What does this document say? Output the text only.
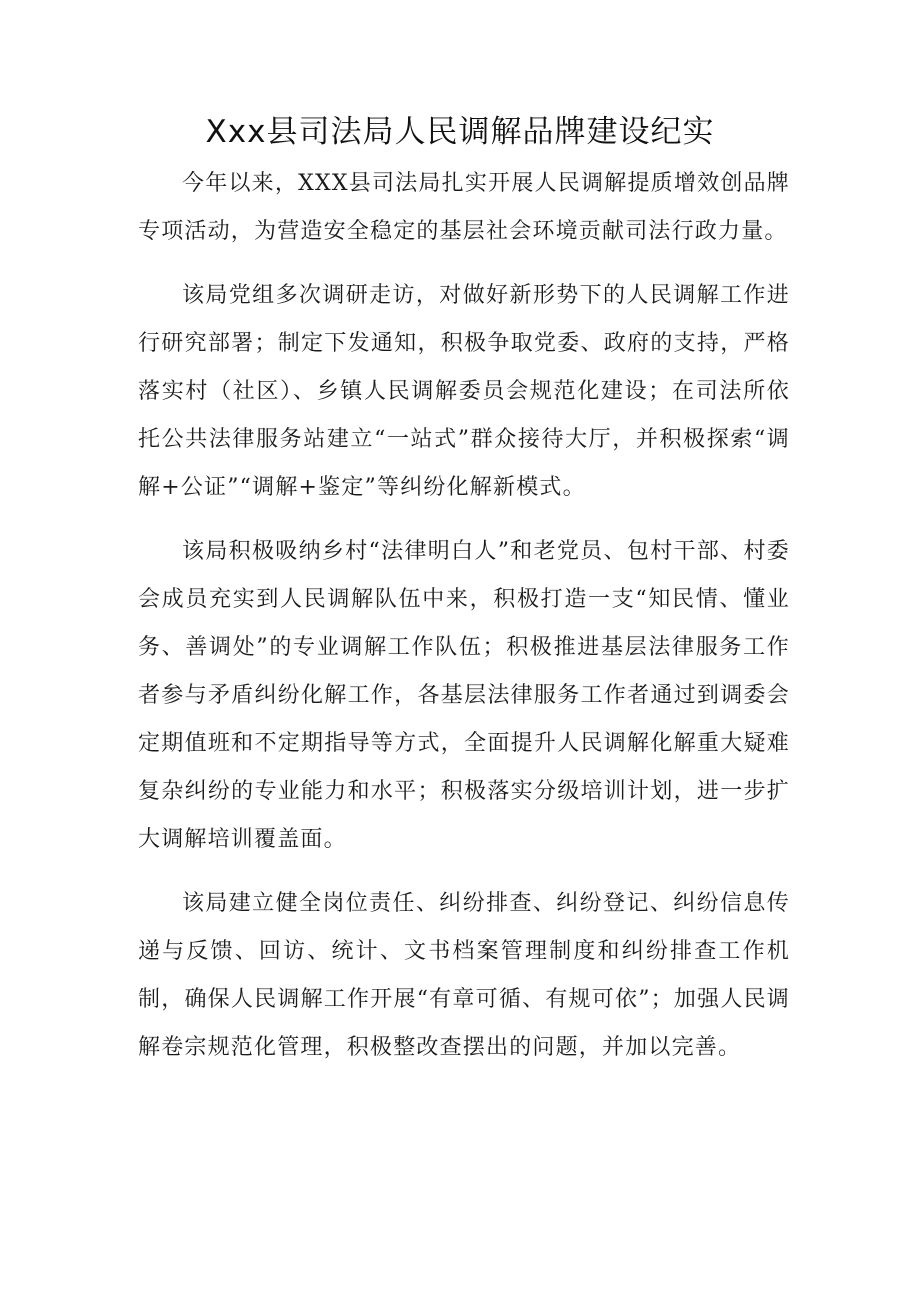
Xxx县司法局人民调解品牌建设纪实

今年以来，XXX县司法局扎实开展人民调解提质增效创品牌专项活动，为营造安全稳定的基层社会环境贡献司法行政力量。

该局党组多次调研走访，对做好新形势下的人民调解工作进行研究部署；制定下发通知，积极争取党委、政府的支持，严格落实村（社区）、乡镇人民调解委员会规范化建设；在司法所依托公共法律服务站建立“一站式”群众接待大厅，并积极探索“调解+公证”“调解+鉴定”等纠纷化解新模式。

该局积极吸纳乡村“法律明白人”和老党员、包村干部、村委会成员充实到人民调解队伍中来，积极打造一支“知民情、懂业务、善调处”的专业调解工作队伍；积极推进基层法律服务工作者参与矛盾纠纷化解工作，各基层法律服务工作者通过到调委会定期值班和不定期指导等方式，全面提升人民调解化解重大疑难复杂纠纷的专业能力和水平；积极落实分级培训计划，进一步扩大调解培训覆盖面。

该局建立健全岗位责任、纠纷排查、纠纷登记、纠纷信息传递与反馈、回访、统计、文书档案管理制度和纠纷排查工作机制，确保人民调解工作开展“有章可循、有规可依”；加强人民调解卷宗规范化管理，积极整改查摆出的问题，并加以完善。
